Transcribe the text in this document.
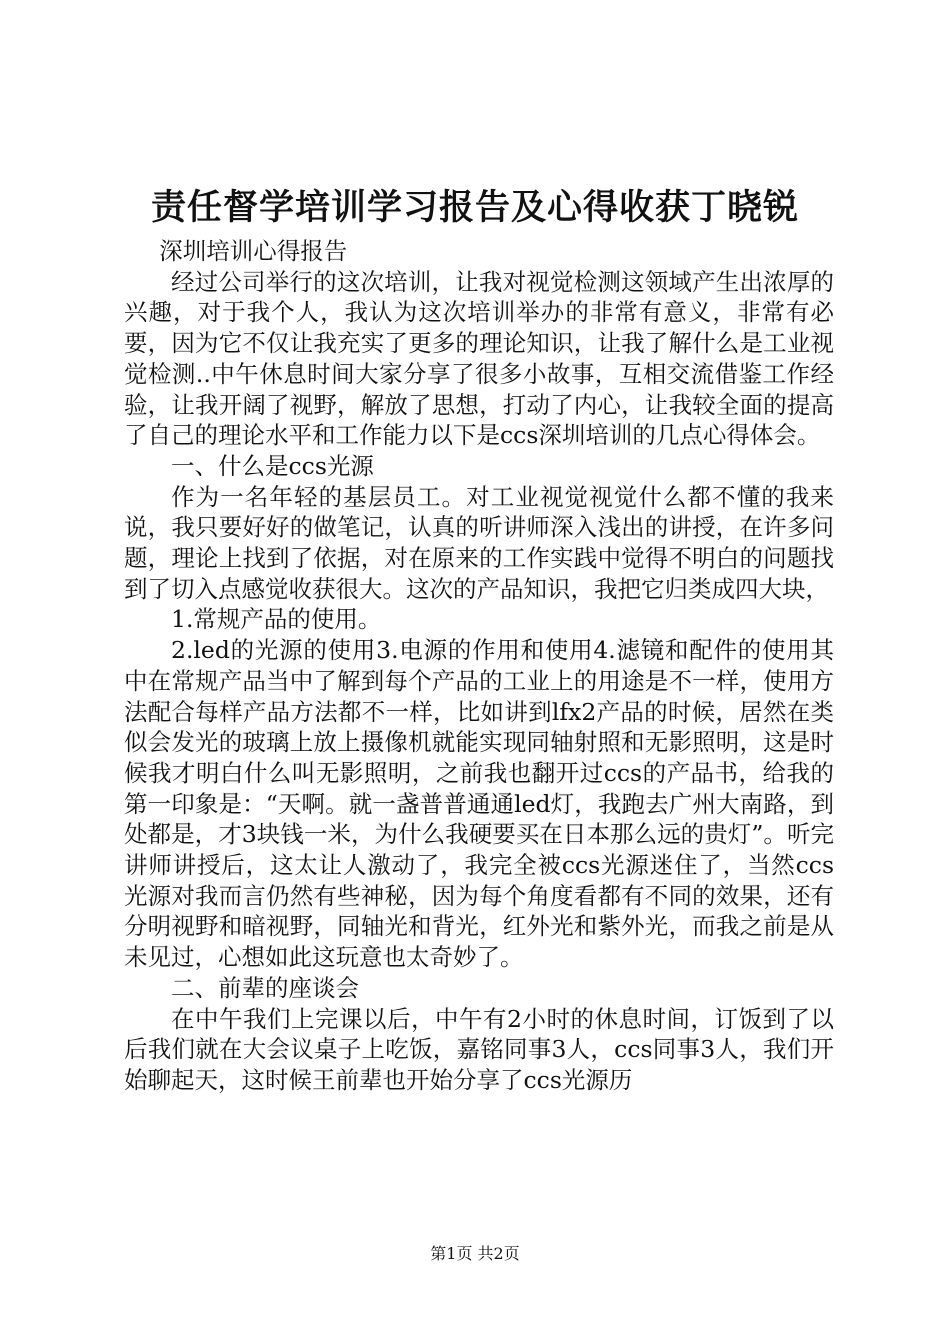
责任督学培训学习报告及心得收获丁晓锐

深圳培训心得报告

经过公司举行的这次培训，让我对视觉检测这领域产生出浓厚的兴趣，对于我个人，我认为这次培训举办的非常有意义，非常有必要，因为它不仅让我充实了更多的理论知识，让我了解什么是工业视觉检测..中午休息时间大家分享了很多小故事，互相交流借鉴工作经验，让我开阔了视野，解放了思想，打动了内心，让我较全面的提高了自己的理论水平和工作能力以下是ccs深圳培训的几点心得体会。

一、什么是ccs光源

作为一名年轻的基层员工。对工业视觉视觉什么都不懂的我来说，我只要好好的做笔记，认真的听讲师深入浅出的讲授，在许多问题，理论上找到了依据，对在原来的工作实践中觉得不明白的问题找到了切入点感觉收获很大。这次的产品知识，我把它归类成四大块，

1.常规产品的使用。

2.led的光源的使用3.电源的作用和使用4.滤镜和配件的使用其中在常规产品当中了解到每个产品的工业上的用途是不一样，使用方法配合每样产品方法都不一样，比如讲到lfx2产品的时候，居然在类似会发光的玻璃上放上摄像机就能实现同轴射照和无影照明，这是时候我才明白什么叫无影照明，之前我也翻开过ccs的产品书，给我的第一印象是：“天啊。就一盏普普通通led灯，我跑去广州大南路，到处都是，才3块钱一米，为什么我硬要买在日本那么远的贵灯”。听完讲师讲授后，这太让人激动了，我完全被ccs光源迷住了，当然ccs光源对我而言仍然有些神秘，因为每个角度看都有不同的效果，还有分明视野和暗视野，同轴光和背光，红外光和紫外光，而我之前是从未见过，心想如此这玩意也太奇妙了。

二、前辈的座谈会

在中午我们上完课以后，中午有2小时的休息时间，订饭到了以后我们就在大会议桌子上吃饭，嘉铭同事3人，ccs同事3人，我们开始聊起天，这时候王前辈也开始分享了ccs光源历

第1页 共2页
